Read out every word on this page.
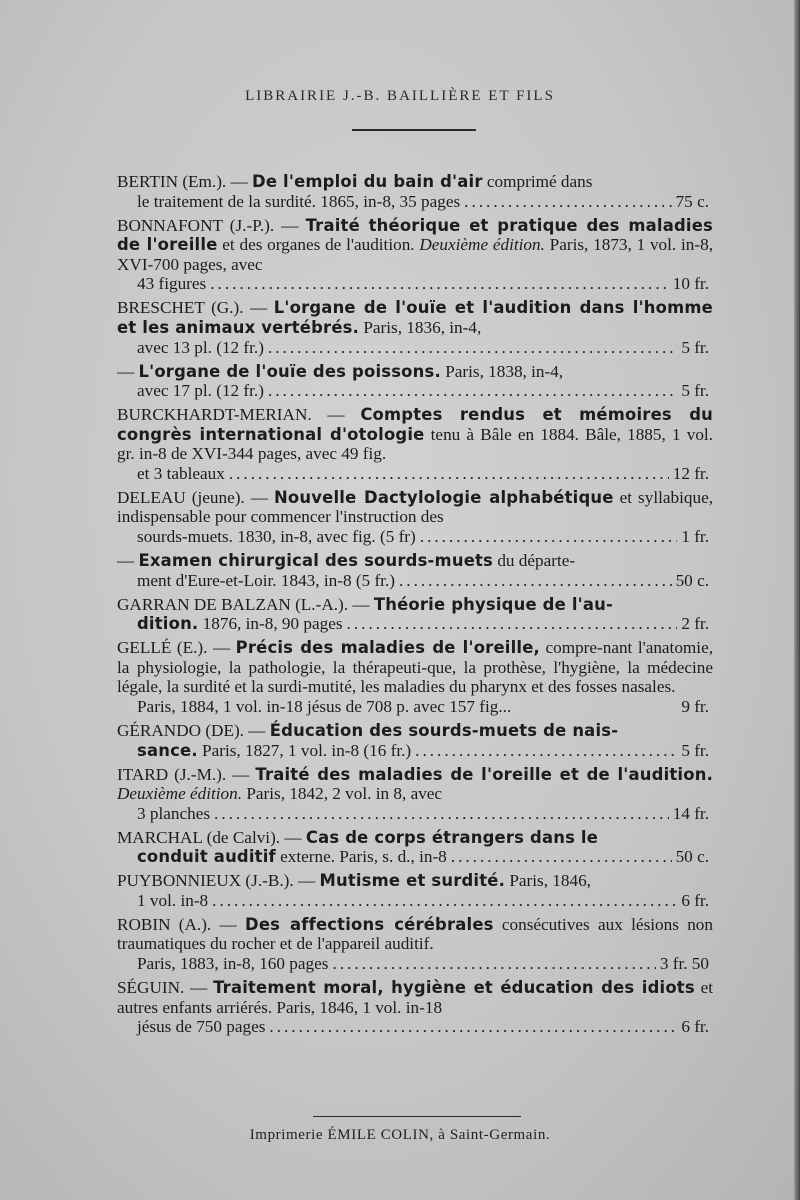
LIBRAIRIE J.-B. BAILLIÈRE ET FILS
BERTIN (Em.). — De l'emploi du bain d'air comprimé dans
le traitement de la surdité. 1865, in-8, 35 pages .....	75 c.
BONNAFONT (J.-P.). — Traité théorique et pratique des maladies de l'oreille et des organes de l'audition. Deuxième édition. Paris, 1873, 1 vol. in-8, XVI-700 pages, avec
43 figures .....	10 fr.
BRESCHET (G.). — L'organe de l'ouïe et l'audition dans l'homme et les animaux vertébrés. Paris, 1836, in-4,
avec 13 pl. (12 fr.) .....	5 fr.
— L'organe de l'ouïe des poissons. Paris, 1838, in-4,
avec 17 pl. (12 fr.) .....	5 fr.
BURCKHARDT-MERIAN. — Comptes rendus et mémoires du congrès international d'otologie tenu à Bâle en 1884. Bâle, 1885, 1 vol. gr. in-8 de XVI-344 pages, avec 49 fig.
et 3 tableaux .....	12 fr.
DELEAU (jeune). — Nouvelle Dactylologie alphabétique et syllabique, indispensable pour commencer l'instruction des
sourds-muets. 1830, in-8, avec fig. (5 fr) .....	1 fr.
— Examen chirurgical des sourds-muets du départe-
ment d'Eure-et-Loir. 1843, in-8 (5 fr.) .....	50 c.
GARRAN DE BALZAN (L.-A.). — Théorie physique de l'au-
dition. 1876, in-8, 90 pages .....	2 fr.
GELLÉ (E.). — Précis des maladies de l'oreille, compre-nant l'anatomie, la physiologie, la pathologie, la thérapeuti-que, la prothèse, l'hygiène, la médecine légale, la surdité et la surdi-mutité, les maladies du pharynx et des fosses nasales.
Paris, 1884, 1 vol. in-18 jésus de 708 p. avec 157 fig...	9 fr.
GÉRANDO (DE). — Éducation des sourds-muets de nais-
sance. Paris, 1827, 1 vol. in-8 (16 fr.) .....	5 fr.
ITARD (J.-M.). — Traité des maladies de l'oreille et de l'audition. Deuxième édition. Paris, 1842, 2 vol. in 8, avec
3 planches .....	14 fr.
MARCHAL (de Calvi). — Cas de corps étrangers dans le
conduit auditif externe. Paris, s. d., in-8 .....	50 c.
PUYBONNIEUX (J.-B.). — Mutisme et surdité. Paris, 1846,
1 vol. in-8 .....	6 fr.
ROBIN (A.). — Des affections cérébrales consécutives aux lésions non traumatiques du rocher et de l'appareil auditif.
Paris, 1883, in-8, 160 pages .....	3 fr. 50
SÉGUIN. — Traitement moral, hygiène et éducation des idiots et autres enfants arriérés. Paris, 1846, 1 vol. in-18
jésus de 750 pages .....	6 fr.
Imprimerie ÉMILE COLIN, à Saint-Germain.
